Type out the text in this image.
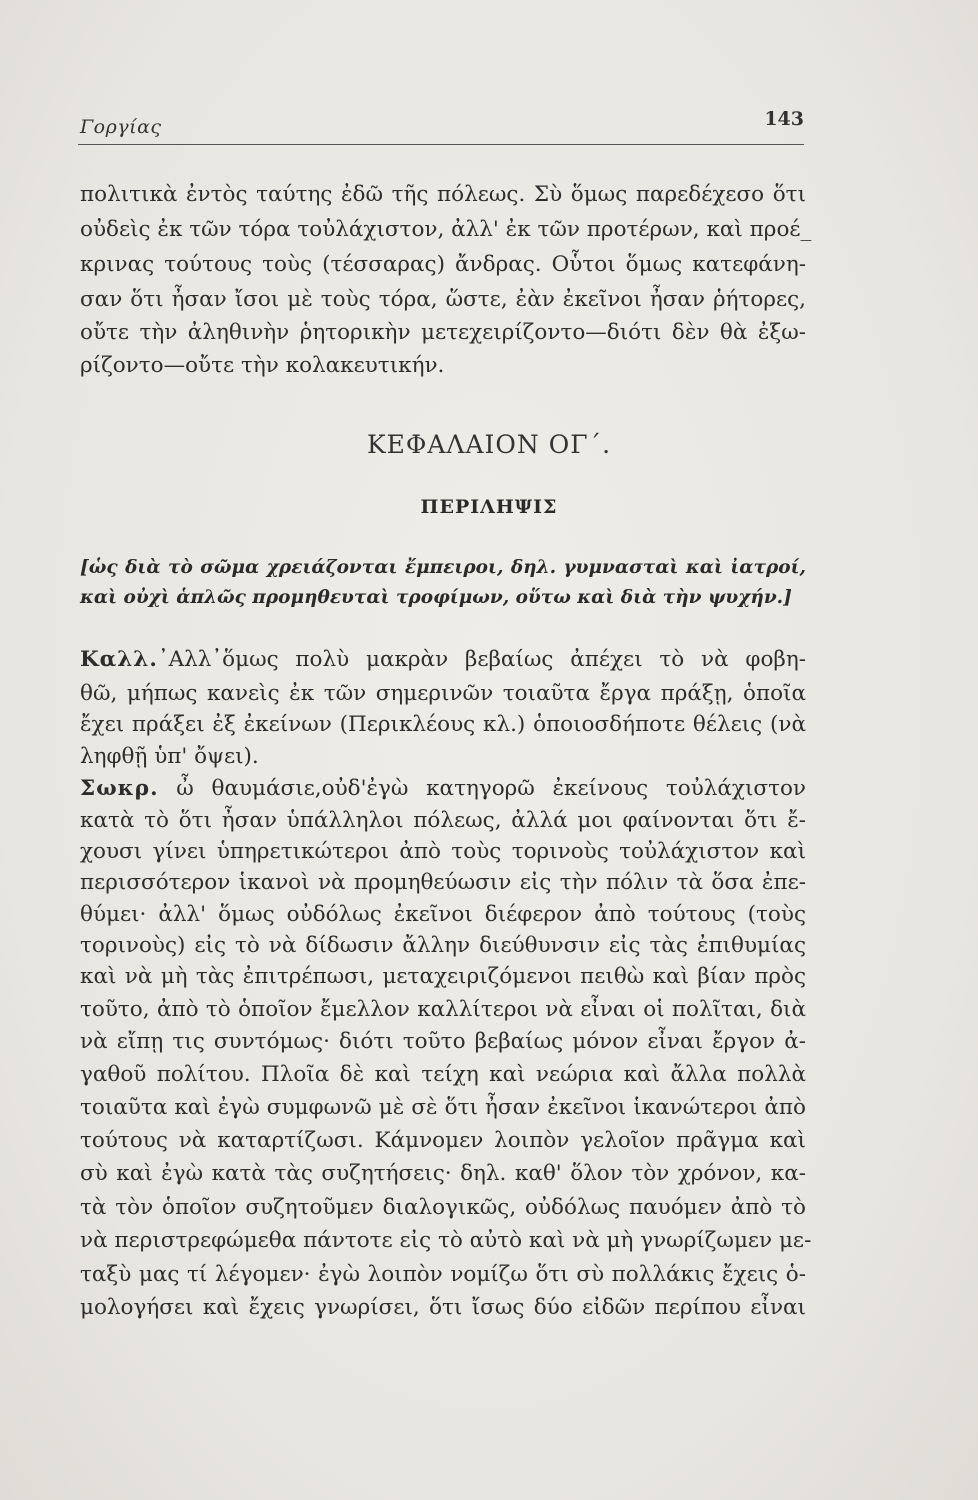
Γοργίας	143
πολιτικὰ ἐντὸς ταύτης ἐδῶ τῆς πόλεως. Σὺ ὅμως παρεδέχεσο ὅτι
οὐδεὶς ἐκ τῶν τόρα τοὐλάχιστον, ἀλλ' ἐκ τῶν προτέρων, καὶ προέ_
κρινας τούτους τοὺς (τέσσαρας) ἄνδρας. Οὗτοι ὅμως κατεφάνη-
σαν ὅτι ἦσαν ἴσοι μὲ τοὺς τόρα, ὥστε, ἐὰν ἐκεῖνοι ἦσαν ῥήτορες,
οὔτε τὴν ἀληθινὴν ῥητορικὴν μετεχειρίζοντο—διότι δὲν θὰ ἐξω-
ρίζοντο—οὔτε τὴν κολακευτικήν.
ΚΕΦΑΛΑΙΟΝ ΟΓ΄.
ΠΕΡΙΛΗΨΙΣ
[ὡς διὰ τὸ σῶμα χρειάζονται ἔμπειροι, δηλ. γυμνασταὶ καὶ ἰατροί,
καὶ οὐχὶ ἁπλῶς προμηθευταὶ τροφίμων, οὕτω καὶ διὰ τὴν ψυχήν.]
Καλλ.᾿Αλλ᾿ὅμως πολὺ μακρὰν βεβαίως ἀπέχει τὸ νὰ φοβη-
θῶ, μήπως κανεὶς ἐκ τῶν σημερινῶν τοιαῦτα ἔργα πράξῃ, ὁποῖα
ἔχει πράξει ἐξ ἐκείνων (Περικλέους κλ.) ὁποιοσδήποτε θέλεις (νὰ
ληφθῇ ὑπ' ὄψει).
Σωκρ. ὦ θαυμάσιε,οὐδ'ἐγὼ κατηγορῶ ἐκείνους τοὐλάχιστον
κατὰ τὸ ὅτι ἦσαν ὑπάλληλοι πόλεως, ἀλλά μοι φαίνονται ὅτι ἔ-
χουσι γίνει ὑπηρετικώτεροι ἀπὸ τοὺς τορινοὺς τοὐλάχιστον καὶ
περισσότερον ἱκανοὶ νὰ προμηθεύωσιν εἰς τὴν πόλιν τὰ ὅσα ἐπε-
θύμει· ἀλλ' ὅμως οὐδόλως ἐκεῖνοι διέφερον ἀπὸ τούτους (τοὺς
τορινοὺς) εἰς τὸ νὰ δίδωσιν ἄλλην διεύθυνσιν εἰς τὰς ἐπιθυμίας
καὶ νὰ μὴ τὰς ἐπιτρέπωσι, μεταχειριζόμενοι πειθὼ καὶ βίαν πρὸς
τοῦτο, ἀπὸ τὸ ὁποῖον ἔμελλον καλλίτεροι νὰ εἶναι οἱ πολῖται, διὰ
νὰ εἴπῃ τις συντόμως· διότι τοῦτο βεβαίως μόνον εἶναι ἔργον ἀ-
γαθοῦ πολίτου. Πλοῖα δὲ καὶ τείχη καὶ νεώρια καὶ ἄλλα πολλὰ
τοιαῦτα καὶ ἐγὼ συμφωνῶ μὲ σὲ ὅτι ἦσαν ἐκεῖνοι ἱκανώτεροι ἀπὸ
τούτους νὰ καταρτίζωσι. Κάμνομεν λοιπὸν γελοῖον πρᾶγμα καὶ
σὺ καὶ ἐγὼ κατὰ τὰς συζητήσεις· δηλ. καθ' ὅλον τὸν χρόνον, κα-
τὰ τὸν ὁποῖον συζητοῦμεν διαλογικῶς, οὐδόλως παυόμεν ἀπὸ τὸ
νὰ περιστρεφώμεθα πάντοτε εἰς τὸ αὐτὸ καὶ νὰ μὴ γνωρίζωμεν με-
ταξὺ μας τί λέγομεν· ἐγὼ λοιπὸν νομίζω ὅτι σὺ πολλάκις ἔχεις ὁ-
μολογήσει καὶ ἔχεις γνωρίσει, ὅτι ἴσως δύο εἰδῶν περίπου εἶναι
